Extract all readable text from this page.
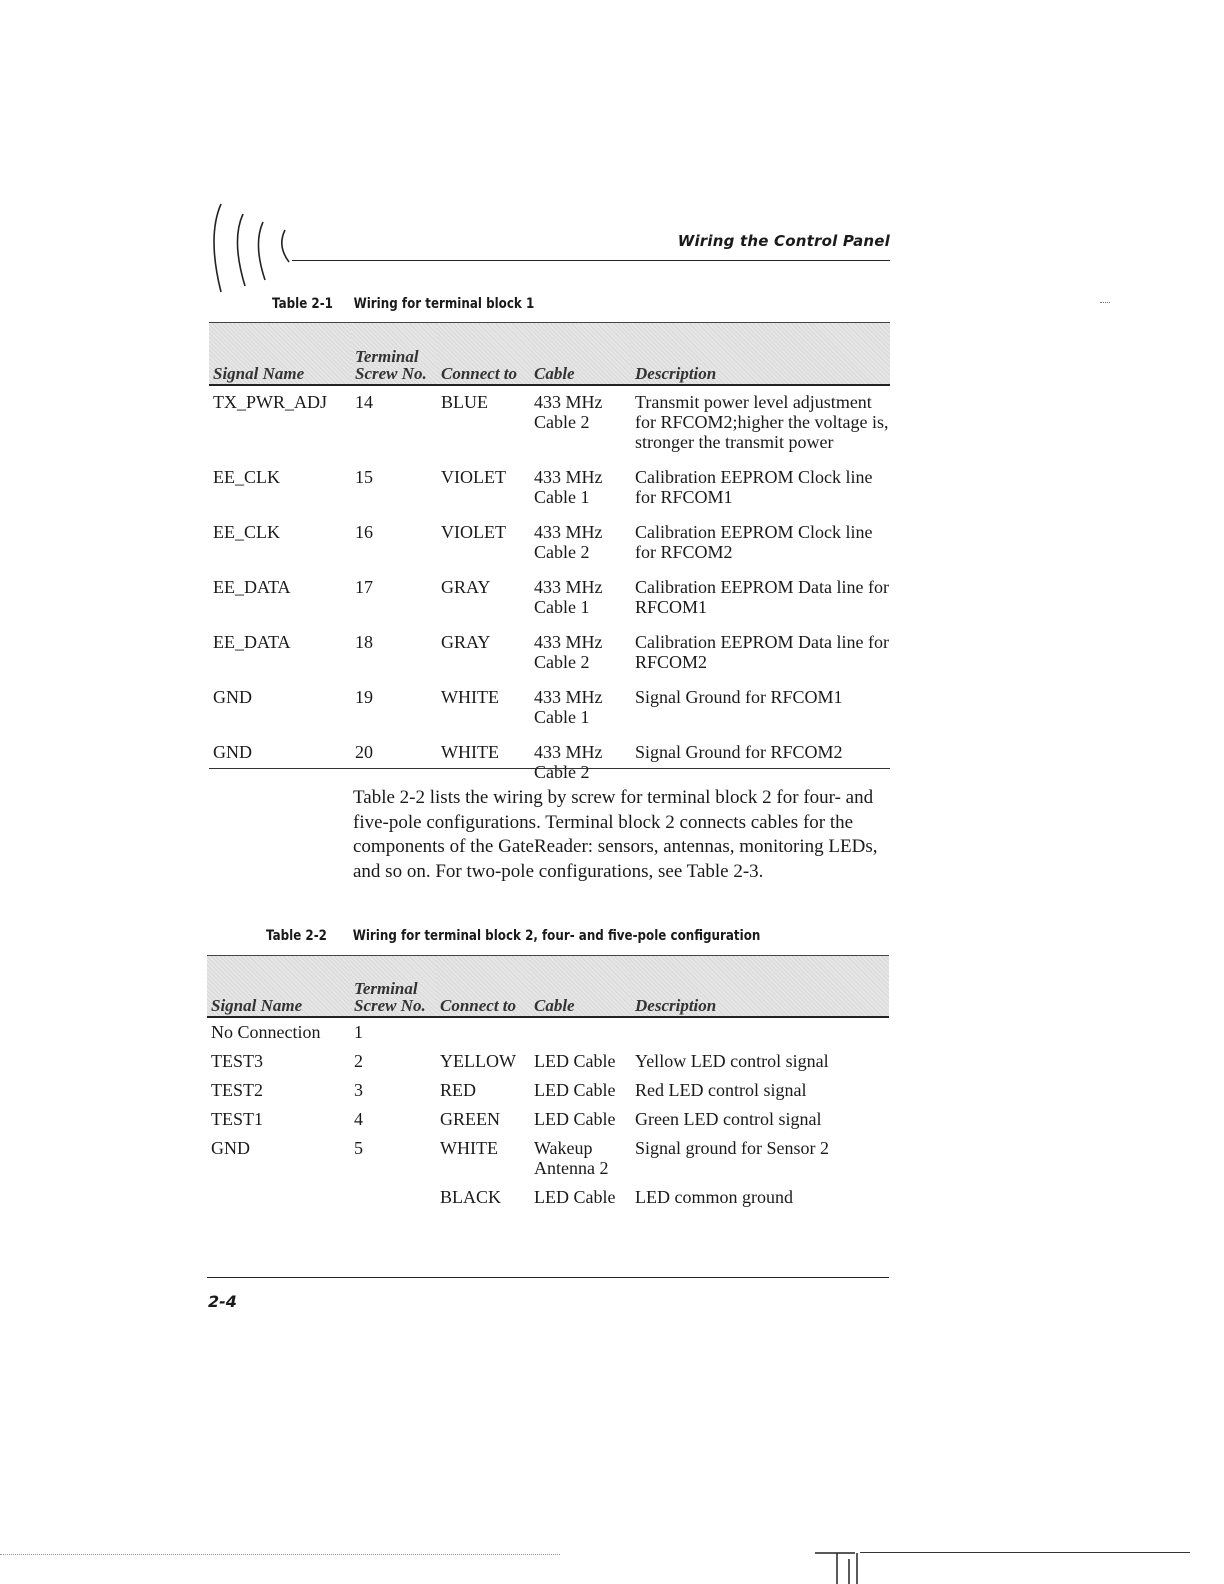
Wiring the Control Panel
Table 2-1 Wiring for terminal block 1
Signal Name	Terminal Screw No.	Connect to	Cable	Description
TX_PWR_ADJ	14	BLUE	433 MHz Cable 2	Transmit power level adjustment for RFCOM2;higher the voltage is, stronger the transmit power
EE_CLK	15	VIOLET	433 MHz Cable 1	Calibration EEPROM Clock line for RFCOM1
EE_CLK	16	VIOLET	433 MHz Cable 2	Calibration EEPROM Clock line for RFCOM2
EE_DATA	17	GRAY	433 MHz Cable 1	Calibration EEPROM Data line for RFCOM1
EE_DATA	18	GRAY	433 MHz Cable 2	Calibration EEPROM Data line for RFCOM2
GND	19	WHITE	433 MHz Cable 1	Signal Ground for RFCOM1
GND	20	WHITE	433 MHz Cable 2	Signal Ground for RFCOM2

Table 2-2 lists the wiring by screw for terminal block 2 for four- and five-pole configurations. Terminal block 2 connects cables for the components of the GateReader: sensors, antennas, monitoring LEDs, and so on. For two-pole configurations, see Table 2-3.

Table 2-2 Wiring for terminal block 2, four- and five-pole configuration
Signal Name	Terminal Screw No.	Connect to	Cable	Description
No Connection	1			
TEST3	2	YELLOW	LED Cable	Yellow LED control signal
TEST2	3	RED	LED Cable	Red LED control signal
TEST1	4	GREEN	LED Cable	Green LED control signal
GND	5	WHITE	Wakeup Antenna 2	Signal ground for Sensor 2
		BLACK	LED Cable	LED common ground
2-4
